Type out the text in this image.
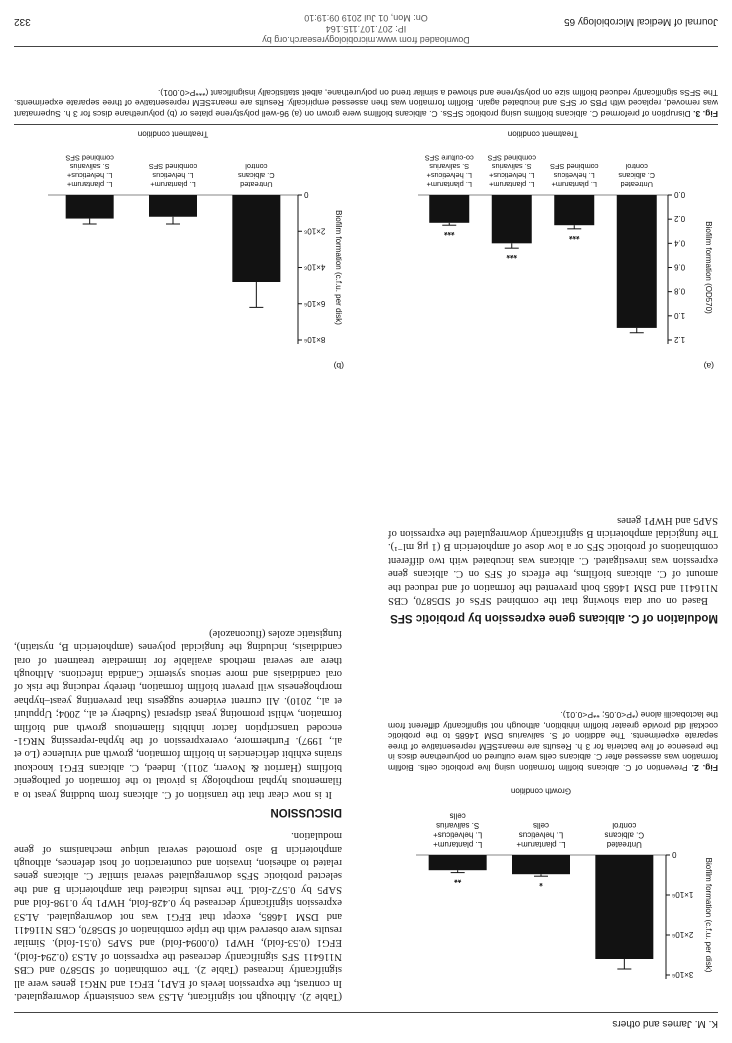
K. M. James and others
0
1×10⁶
2×10⁶
3×10⁶
Biofilm formation (c.f.u. per disk)
UntreatedC. albicanscontrol
*
L. plantarum+L. helveticuscells
**
L. plantarum+L. helveticus+S. salivariuscells
Growth condition
Fig. 2. Prevention of C. albicans biofilm formation using live probiotic cells. Biofilm formation was assessed after C. albicans cells were cultured on polyurethane discs in the presence of live bacteria for 3 h. Results are mean±SEM representative of three separate experiments. The addition of S. salivarius DSM 14685 to the probiotic cocktail did provide greater biofilm inhibition, although not significantly different from the lactobacilli alone (*P<0.05; **P<0.01).

(Table 2). Although not significant, ALS3 was consistently downregulated. In contrast, the expression levels of EAP1, EFG1 and NRG1 genes were all significantly increased (Table 2). The combination of SD5870 and CBS N116411 SFS significantly decreased the expression of ALS3 (0.294-fold), EFG1 (0.53-fold), HWP1 (0.0094-fold) and SAP5 (0.51-fold). Similar results were observed with the triple combination of SD5870, CBS N116411 and DSM 14685, except that EFG1 was not downregulated. ALS3 expression significantly decreased by 0.428-fold, HWP1 by 0.198-fold and SAP5 by 0.572-fold. The results indicated that amphotericin B and the selected probiotic SFSs downregulated several similar C. albicans genes related to adhesion, invasion and counteraction of host defences, although amphotericin B also promoted several unique mechanisms of gene modulation.

DISCUSSION

It is now clear that the transition of C. albicans from budding yeast to a filamentous hyphal morphology is pivotal to the formation of pathogenic biofilms (Harriott & Noverr, 2011). Indeed, C. albicans EFG1 knockout strains exhibit deficiencies in biofilm formation, growth and virulence (Lo et al., 1997). Furthermore, overexpression of the hypha-repressing NRG1-encoded transcription factor inhibits filamentous growth and biofilm formation, whilst promoting yeast dispersal (Sudbery et al., 2004; Uppuluri et al., 2010). All current evidence suggests that preventing yeast–hyphae morphogenesis will prevent biofilm formation, thereby reducing the risk of oral candidiasis and more serious systemic Candida infections. Although there are several methods available for immediate treatment of oral candidiasis, including the fungicidal polyenes (amphotericin B, nystatin), fungistatic azoles (fluconazole)

Modulation of C. albicans gene expression by probiotic SFS

Based on our data showing that the combined SFSs of SD5870, CBS N116411 and DSM 14685 both prevented the formation of and reduced the amount of C. albicans biofilms, the effects of SFS on C. albicans gene expression was investigated. C. albicans was incubated with two different combinations of probiotic SFS or a low dose of amphotericin B (1 μg ml⁻¹). The fungicidal amphotericin B significantly downregulated the expression of SAP5 and HWP1 genes

(a)
0.0
0.2
0.4
0.6
0.8
1.0
1.2
Biofilm formation (OD570)
UntreatedC. albicanscontrol
***
L. plantarum+L. helveticuscombined SFS
***
L. plantarum+L. helveticus+S. salivariuscombined SFS
***
L. plantarum+L. helveticus+S. salivariusco-culture SFS
Treatment condition
(b)
0
2×10⁶
4×10⁶
6×10⁶
8×10⁶
Biofilm formation (c.f.u. per disk)
UntreatedC. albicanscontrol
L. plantarum+L. helveticuscombined SFS
L. plantarum+L. helveticus+S. salivariuscombined SFS
Treatment condition
Fig. 3. Disruption of preformed C. albicans biofilms using probiotic SFSs. C. albicans biofilms were grown on (a) 96-well polystyrene plates or (b) polyurethane discs for 3 h. Supernatant was removed, replaced with PBS or SFS and incubated again. Biofilm formation was then assessed empirically. Results are mean±SEM representative of three separate experiments. The SFSs significantly reduced biofilm size on polystyrene and showed a similar trend on polyurethane, albeit statistically insignificant (***P<0.001).
Downloaded from www.microbiologyresearch.org by
IP: 207.107.115.164
On: Mon, 01 Jul 2019 09:19:10	Journal of Medical Microbiology 65
332
